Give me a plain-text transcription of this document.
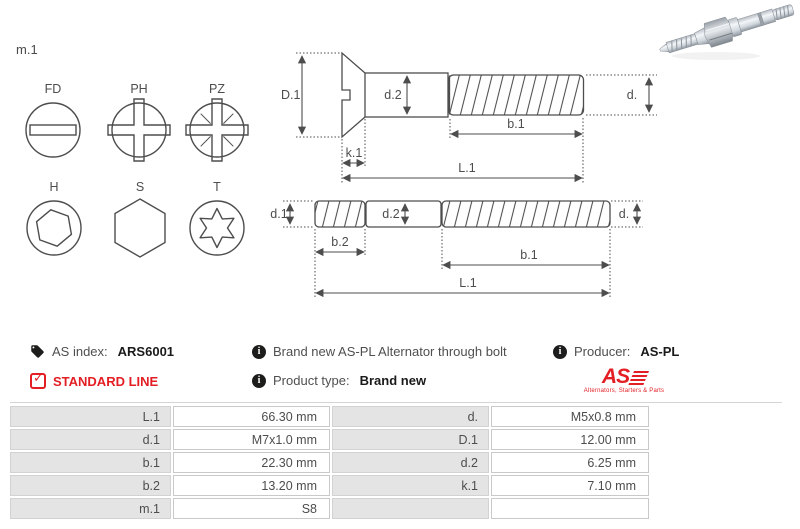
m.1
FD	PH	PZ
H	S	T
D.1	d.2	d.
b.1
k.1
L.1
d.1	d.2	d.
b.2
b.1
L.1
AS index: ARS6001
✓
STANDARD LINE
i Brand new AS-PL Alternator through bolt
i Product type: Brand new
i Producer: AS-PL
AS
Alternators, Starters & Parts
L.1	66.30 mm	d.	M5x0.8 mm
d.1	M7x1.0 mm	D.1	12.00 mm
b.1	22.30 mm	d.2	6.25 mm
b.2	13.20 mm	k.1	7.10 mm
m.1	S8
